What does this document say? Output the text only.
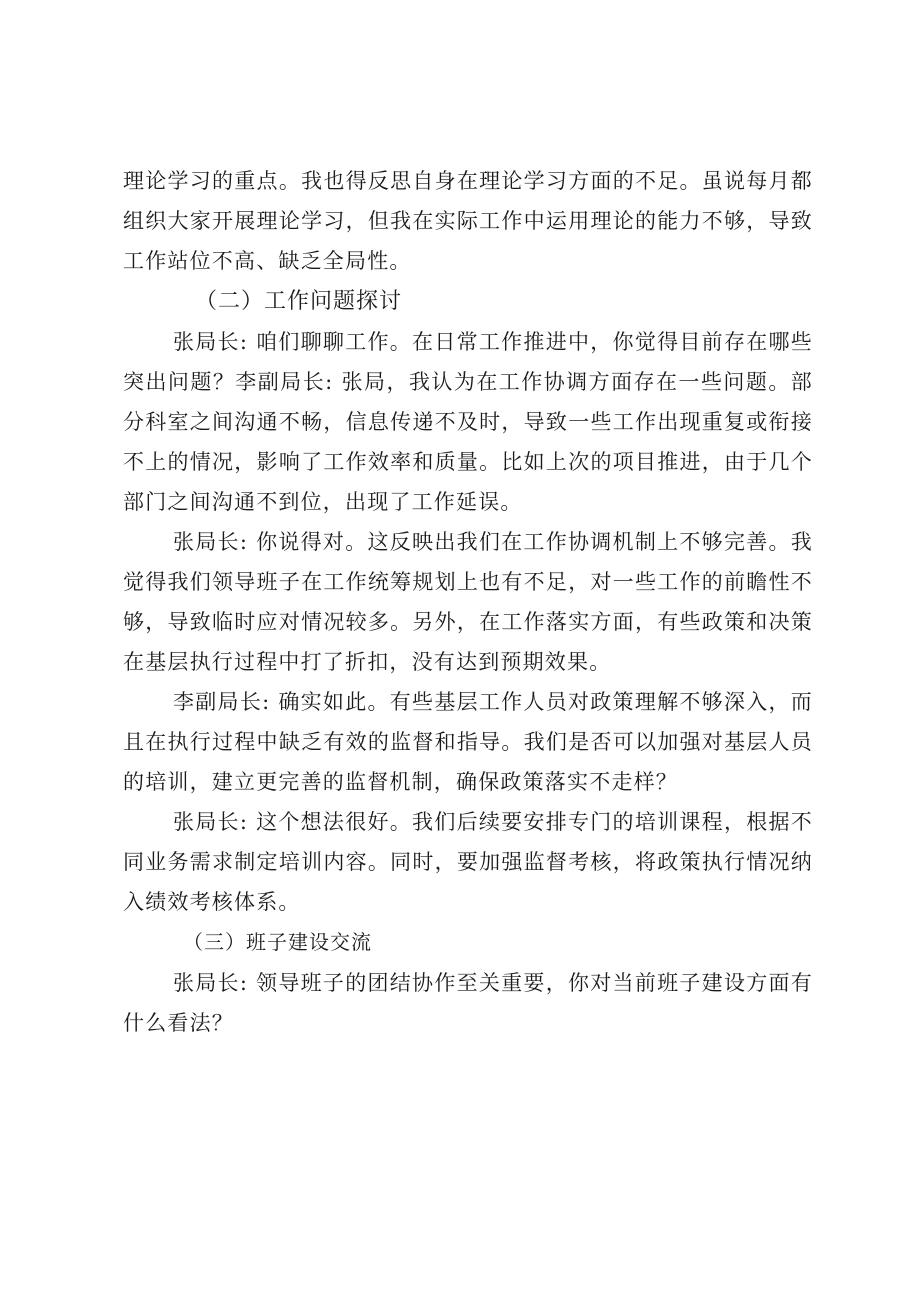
理论学习的重点。我也得反思自身在理论学习方面的不足。虽说每月都组织大家开展理论学习，但我在实际工作中运用理论的能力不够，导致工作站位不高、缺乏全局性。

（二）工作问题探讨

张局长: 咱们聊聊工作。在日常工作推进中，你觉得目前存在哪些突出问题？李副局长: 张局，我认为在工作协调方面存在一些问题。部分科室之间沟通不畅，信息传递不及时，导致一些工作出现重复或衔接不上的情况，影响了工作效率和质量。比如上次的项目推进，由于几个部门之间沟通不到位，出现了工作延误。

张局长: 你说得对。这反映出我们在工作协调机制上不够完善。我觉得我们领导班子在工作统筹规划上也有不足，对一些工作的前瞻性不够，导致临时应对情况较多。另外，在工作落实方面，有些政策和决策在基层执行过程中打了折扣，没有达到预期效果。

李副局长: 确实如此。有些基层工作人员对政策理解不够深入，而且在执行过程中缺乏有效的监督和指导。我们是否可以加强对基层人员的培训，建立更完善的监督机制，确保政策落实不走样？

张局长: 这个想法很好。我们后续要安排专门的培训课程，根据不同业务需求制定培训内容。同时，要加强监督考核，将政策执行情况纳入绩效考核体系。

（三）班子建设交流

张局长: 领导班子的团结协作至关重要，你对当前班子建设方面有什么看法？
